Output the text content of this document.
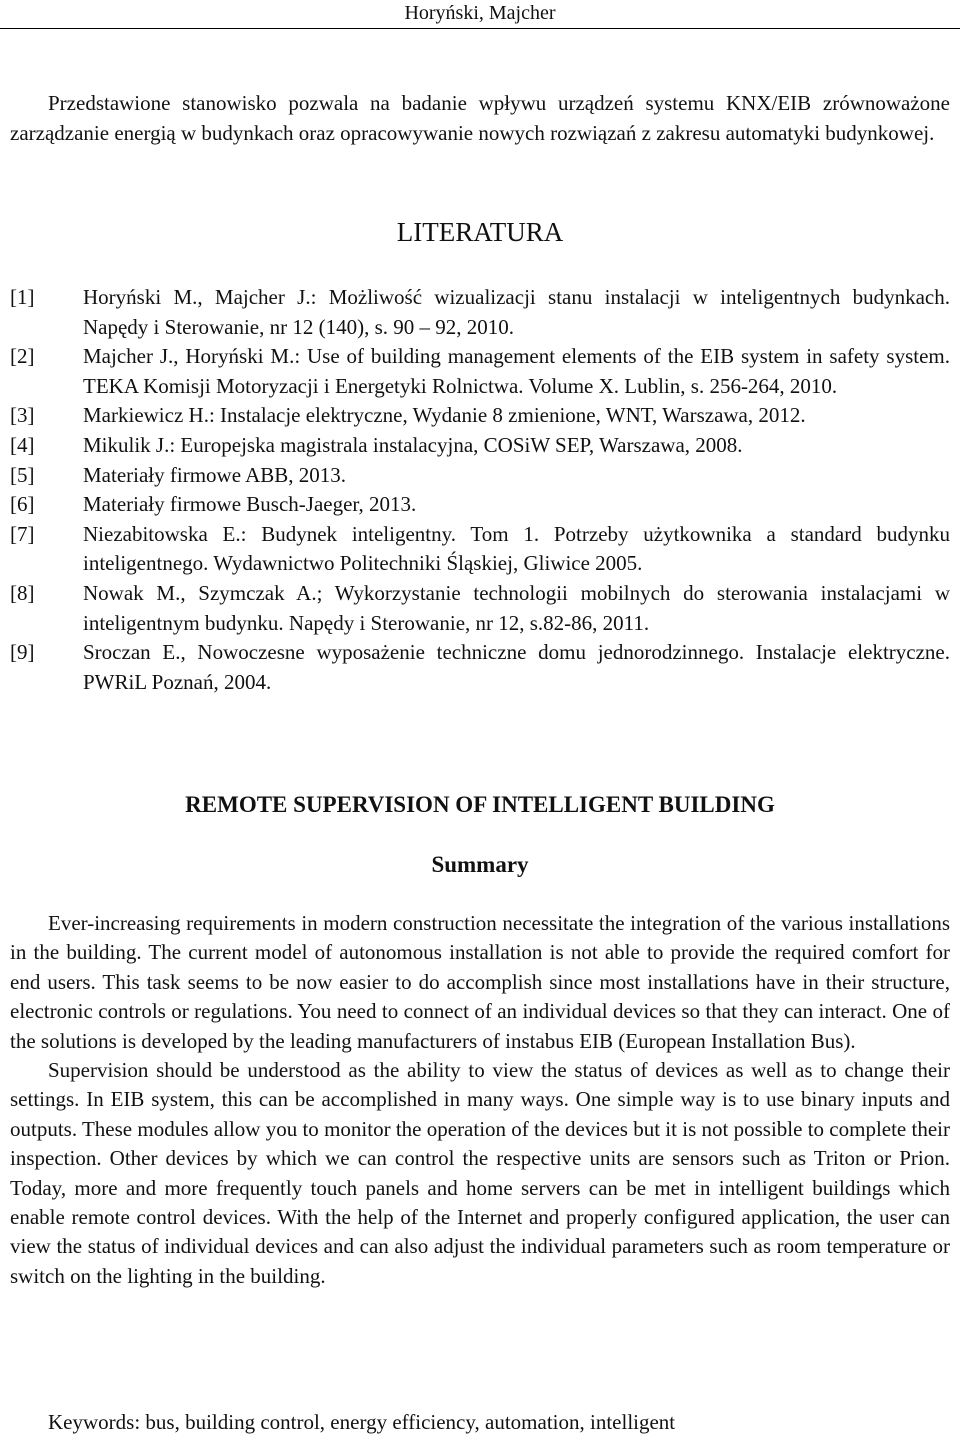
Horyński, Majcher
Przedstawione stanowisko pozwala na badanie wpływu urządzeń systemu KNX/EIB zrównoważone zarządzanie energią w budynkach oraz opracowywanie nowych rozwiązań z zakresu automatyki budynkowej.
LITERATURA
[1]	Horyński M., Majcher J.: Możliwość wizualizacji stanu instalacji w inteligentnych budynkach. Napędy i Sterowanie, nr 12 (140), s. 90 – 92, 2010.
[2]	Majcher J., Horyński M.: Use of building management elements of the EIB system in safety system. TEKA Komisji Motoryzacji i Energetyki Rolnictwa. Volume X. Lublin, s. 256-264, 2010.
[3]	Markiewicz H.: Instalacje elektryczne, Wydanie 8 zmienione, WNT, Warszawa, 2012.
[4]	Mikulik J.: Europejska magistrala instalacyjna, COSiW SEP, Warszawa, 2008.
[5]	Materiały firmowe ABB, 2013.
[6]	Materiały firmowe Busch-Jaeger, 2013.
[7]	Niezabitowska E.: Budynek inteligentny. Tom 1. Potrzeby użytkownika a standard budynku inteligentnego. Wydawnictwo Politechniki Śląskiej, Gliwice 2005.
[8]	Nowak M., Szymczak A.; Wykorzystanie technologii mobilnych do sterowania instalacjami w inteligentnym budynku. Napędy i Sterowanie, nr 12, s.82-86, 2011.
[9]	Sroczan E., Nowoczesne wyposażenie techniczne domu jednorodzinnego. Instalacje elektryczne. PWRiL Poznań, 2004.
REMOTE SUPERVISION OF INTELLIGENT BUILDING
Summary

Ever-increasing requirements in modern construction necessitate the integration of the various installations in the building. The current model of autonomous installation is not able to provide the required comfort for end users. This task seems to be now easier to do accomplish since most installations have in their structure, electronic controls or regulations. You need to connect of an individual devices so that they can interact. One of the solutions is developed by the leading manufacturers of instabus EIB (European Installation Bus).

Supervision should be understood as the ability to view the status of devices as well as to change their settings. In EIB system, this can be accomplished in many ways. One simple way is to use binary inputs and outputs. These modules allow you to monitor the operation of the devices but it is not possible to complete their inspection. Other devices by which we can control the respective units are sensors such as Triton or Prion. Today, more and more frequently touch panels and home servers can be met in intelligent buildings which enable remote control devices. With the help of the Internet and properly configured application, the user can view the status of individual devices and can also adjust the individual parameters such as room temperature or switch on the lighting in the building.

Keywords: bus, building control, energy efficiency, automation, intelligent
